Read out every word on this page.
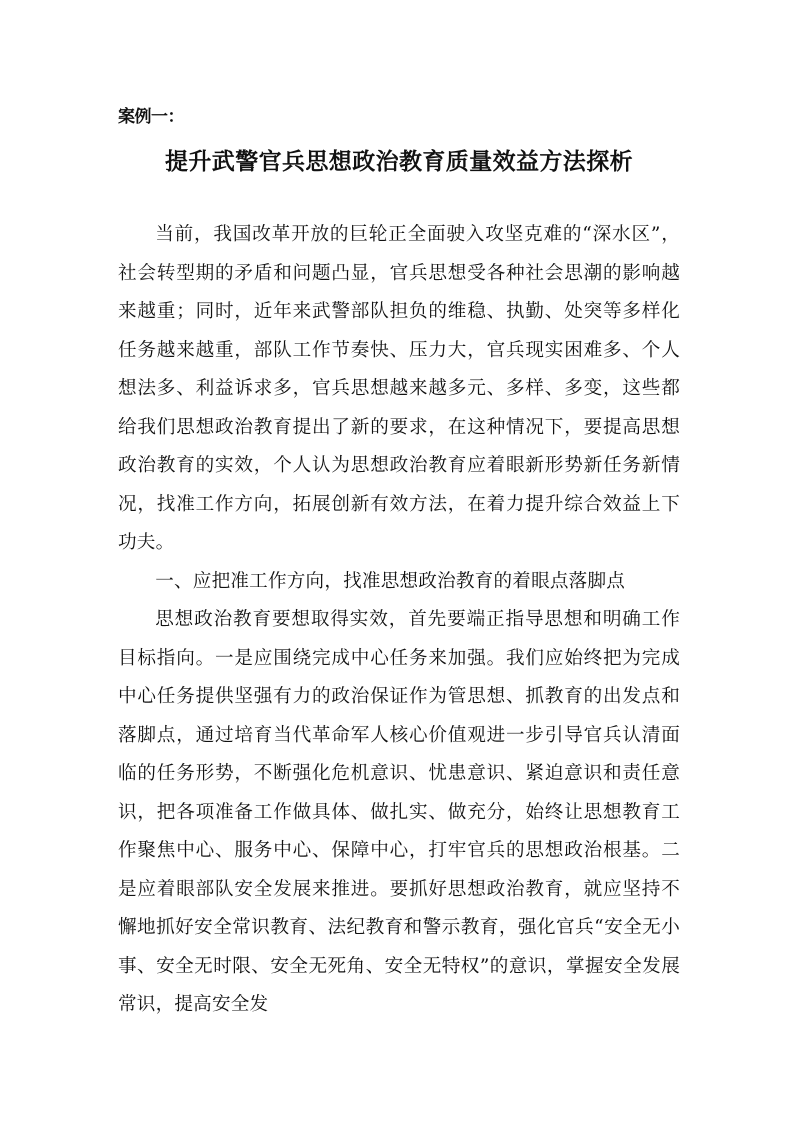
案例一：

提升武警官兵思想政治教育质量效益方法探析

当前，我国改革开放的巨轮正全面驶入攻坚克难的“深水区”，社会转型期的矛盾和问题凸显，官兵思想受各种社会思潮的影响越来越重；同时，近年来武警部队担负的维稳、执勤、处突等多样化任务越来越重，部队工作节奏快、压力大，官兵现实困难多、个人想法多、利益诉求多，官兵思想越来越多元、多样、多变，这些都给我们思想政治教育提出了新的要求，在这种情况下，要提高思想政治教育的实效，个人认为思想政治教育应着眼新形势新任务新情况，找准工作方向，拓展创新有效方法，在着力提升综合效益上下功夫。

一、应把准工作方向，找准思想政治教育的着眼点落脚点

思想政治教育要想取得实效，首先要端正指导思想和明确工作目标指向。一是应围绕完成中心任务来加强。我们应始终把为完成中心任务提供坚强有力的政治保证作为管思想、抓教育的出发点和落脚点，通过培育当代革命军人核心价值观进一步引导官兵认清面临的任务形势，不断强化危机意识、忧患意识、紧迫意识和责任意识，把各项准备工作做具体、做扎实、做充分，始终让思想教育工作聚焦中心、服务中心、保障中心，打牢官兵的思想政治根基。二是应着眼部队安全发展来推进。要抓好思想政治教育，就应坚持不懈地抓好安全常识教育、法纪教育和警示教育，强化官兵“安全无小事、安全无时限、安全无死角、安全无特权”的意识，掌握安全发展常识，提高安全发
